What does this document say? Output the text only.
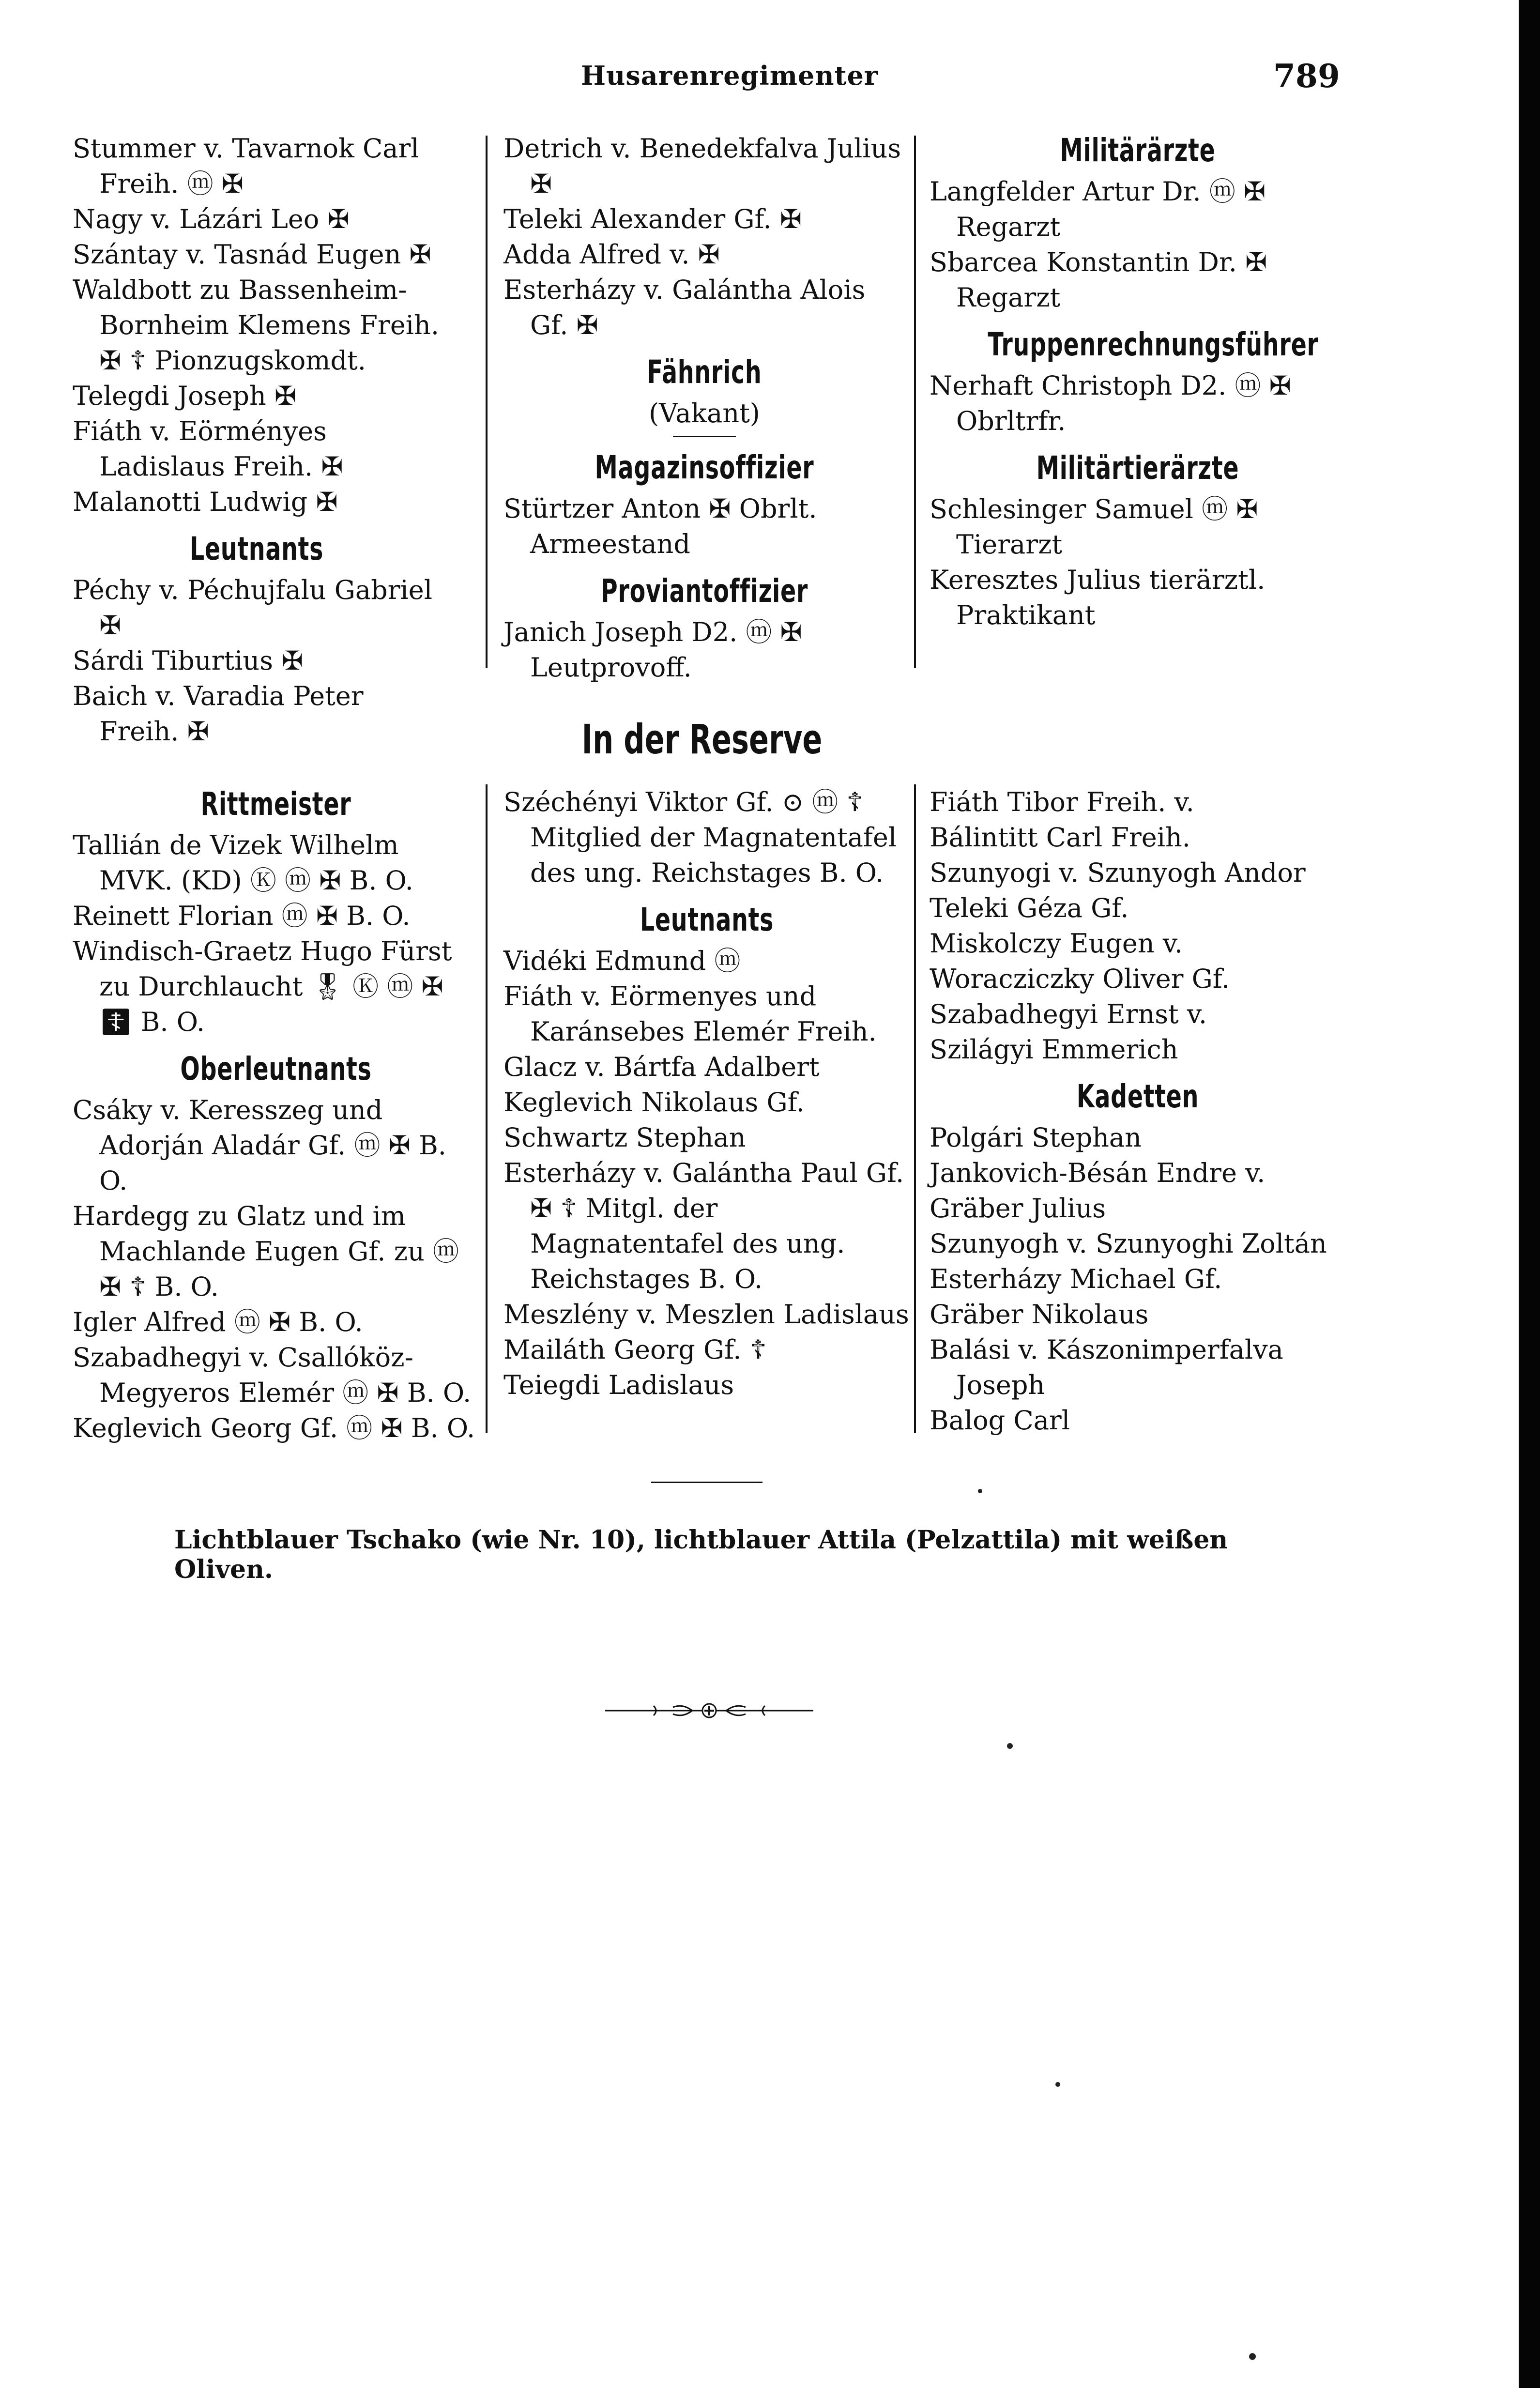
Husarenregimenter	789
Stummer v. Tavarnok Carl Freih. ⓜ ✠
Nagy v. Lázári Leo ✠
Szántay v. Tasnád Eugen ✠
Waldbott zu Bassenheim-Bornheim Klemens Freih. ✠ ☦ Pionzugskomdt.
Telegdi Joseph ✠
Fiáth v. Eörményes Ladislaus Freih. ✠
Malanotti Ludwig ✠
Leutnants
Péchy v. Péchujfalu Gabriel ✠
Sárdi Tiburtius ✠
Baich v. Varadia Peter Freih. ✠
Detrich v. Benedekfalva Julius ✠
Teleki Alexander Gf. ✠
Adda Alfred v. ✠
Esterházy v. Galántha Alois Gf. ✠
Fähnrich
(Vakant)
Magazinsoffizier
Stürtzer Anton ✠ Obrlt. Armeestand
Proviantoffizier
Janich Joseph D2. ⓜ ✠ Leutprovoff.
Militärärzte
Langfelder Artur Dr. ⓜ ✠ Regarzt
Sbarcea Konstantin Dr. ✠ Regarzt
Truppenrechnungsführer
Nerhaft Christoph D2. ⓜ ✠ Obrltrfr.
Militärtierärzte
Schlesinger Samuel ⓜ ✠ Tierarzt
Keresztes Julius tierärztl. Praktikant
In der Reserve
Rittmeister
Tallián de Vizek Wilhelm MVK. (KD) Ⓚ ⓜ ✠ B. O.
Reinett Florian ⓜ ✠ B. O.
Windisch-Graetz Hugo Fürst zu Durchlaucht 🎖 Ⓚ ⓜ ✠ ☦ B. O.
Oberleutnants
Csáky v. Keresszeg und Adorján Aladár Gf. ⓜ ✠ B. O.
Hardegg zu Glatz und im Machlande Eugen Gf. zu ⓜ ✠ ☦ B. O.
Igler Alfred ⓜ ✠ B. O.
Szabadhegyi v. Csallóköz-Megyeros Elemér ⓜ ✠ B. O.
Keglevich Georg Gf. ⓜ ✠ B. O.
Széchényi Viktor Gf. ⊙ ⓜ ☦ Mitglied der Magnatentafel des ung. Reichstages B. O.
Leutnants
Vidéki Edmund ⓜ
Fiáth v. Eörmenyes und Karánsebes Elemér Freih.
Glacz v. Bártfa Adalbert
Keglevich Nikolaus Gf.
Schwartz Stephan
Esterházy v. Galántha Paul Gf. ✠ ☦ Mitgl. der Magnatentafel des ung. Reichstages B. O.
Meszlény v. Meszlen Ladislaus
Mailáth Georg Gf. ☦
Teiegdi Ladislaus
Fiáth Tibor Freih. v.
Bálintitt Carl Freih.
Szunyogi v. Szunyogh Andor
Teleki Géza Gf.
Miskolczy Eugen v.
Woracziczky Oliver Gf.
Szabadhegyi Ernst v.
Szilágyi Emmerich
Kadetten
Polgári Stephan
Jankovich-Bésán Endre v.
Gräber Julius
Szunyogh v. Szunyoghi Zoltán
Esterházy Michael Gf.
Gräber Nikolaus
Balási v. Kászonimperfalva Joseph
Balog Carl
Lichtblauer Tschako (wie Nr. 10), lichtblauer Attila (Pelzattila) mit weißen Oliven.
